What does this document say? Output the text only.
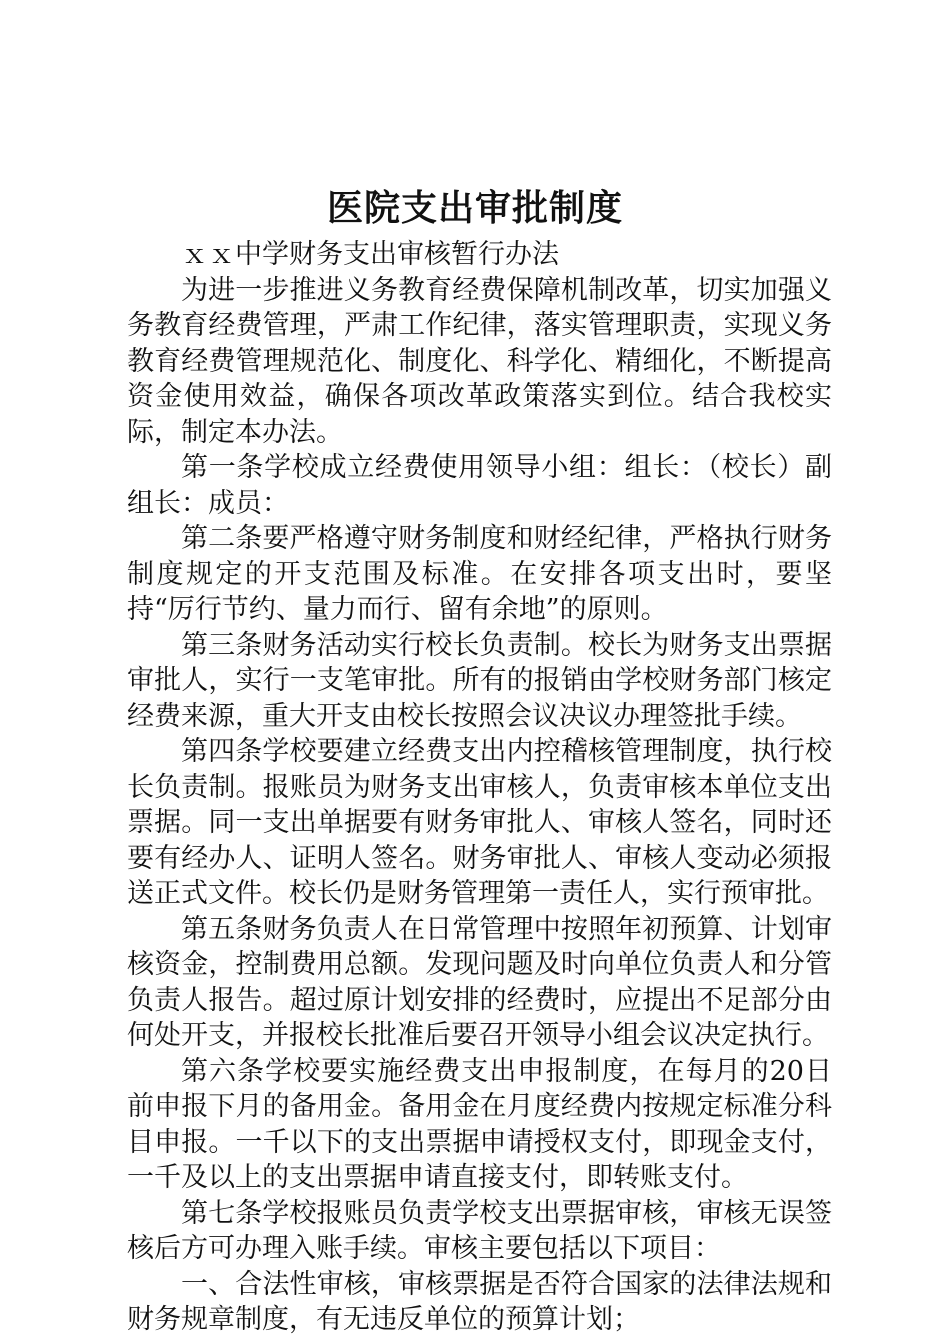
医院支出审批制度

ｘｘ中学财务支出审核暂行办法

为进一步推进义务教育经费保障机制改革，切实加强义务教育经费管理，严肃工作纪律，落实管理职责，实现义务教育经费管理规范化、制度化、科学化、精细化，不断提高资金使用效益，确保各项改革政策落实到位。结合我校实际，制定本办法。

第一条学校成立经费使用领导小组：组长：（校长）副组长：成员：

第二条要严格遵守财务制度和财经纪律，严格执行财务制度规定的开支范围及标准。在安排各项支出时，要坚持“厉行节约、量力而行、留有余地”的原则。

第三条财务活动实行校长负责制。校长为财务支出票据审批人，实行一支笔审批。所有的报销由学校财务部门核定经费来源，重大开支由校长按照会议决议办理签批手续。

第四条学校要建立经费支出内控稽核管理制度，执行校长负责制。报账员为财务支出审核人，负责审核本单位支出票据。同一支出单据要有财务审批人、审核人签名，同时还要有经办人、证明人签名。财务审批人、审核人变动必须报送正式文件。校长仍是财务管理第一责任人，实行预审批。

第五条财务负责人在日常管理中按照年初预算、计划审核资金，控制费用总额。发现问题及时向单位负责人和分管负责人报告。超过原计划安排的经费时，应提出不足部分由何处开支，并报校长批准后要召开领导小组会议决定执行。

第六条学校要实施经费支出申报制度，在每月的20日前申报下月的备用金。备用金在月度经费内按规定标准分科目申报。一千以下的支出票据申请授权支付，即现金支付，一千及以上的支出票据申请直接支付，即转账支付。

第七条学校报账员负责学校支出票据审核，审核无误签核后方可办理入账手续。审核主要包括以下项目：

一、合法性审核，审核票据是否符合国家的法律法规和财务规章制度，有无违反单位的预算计划；
